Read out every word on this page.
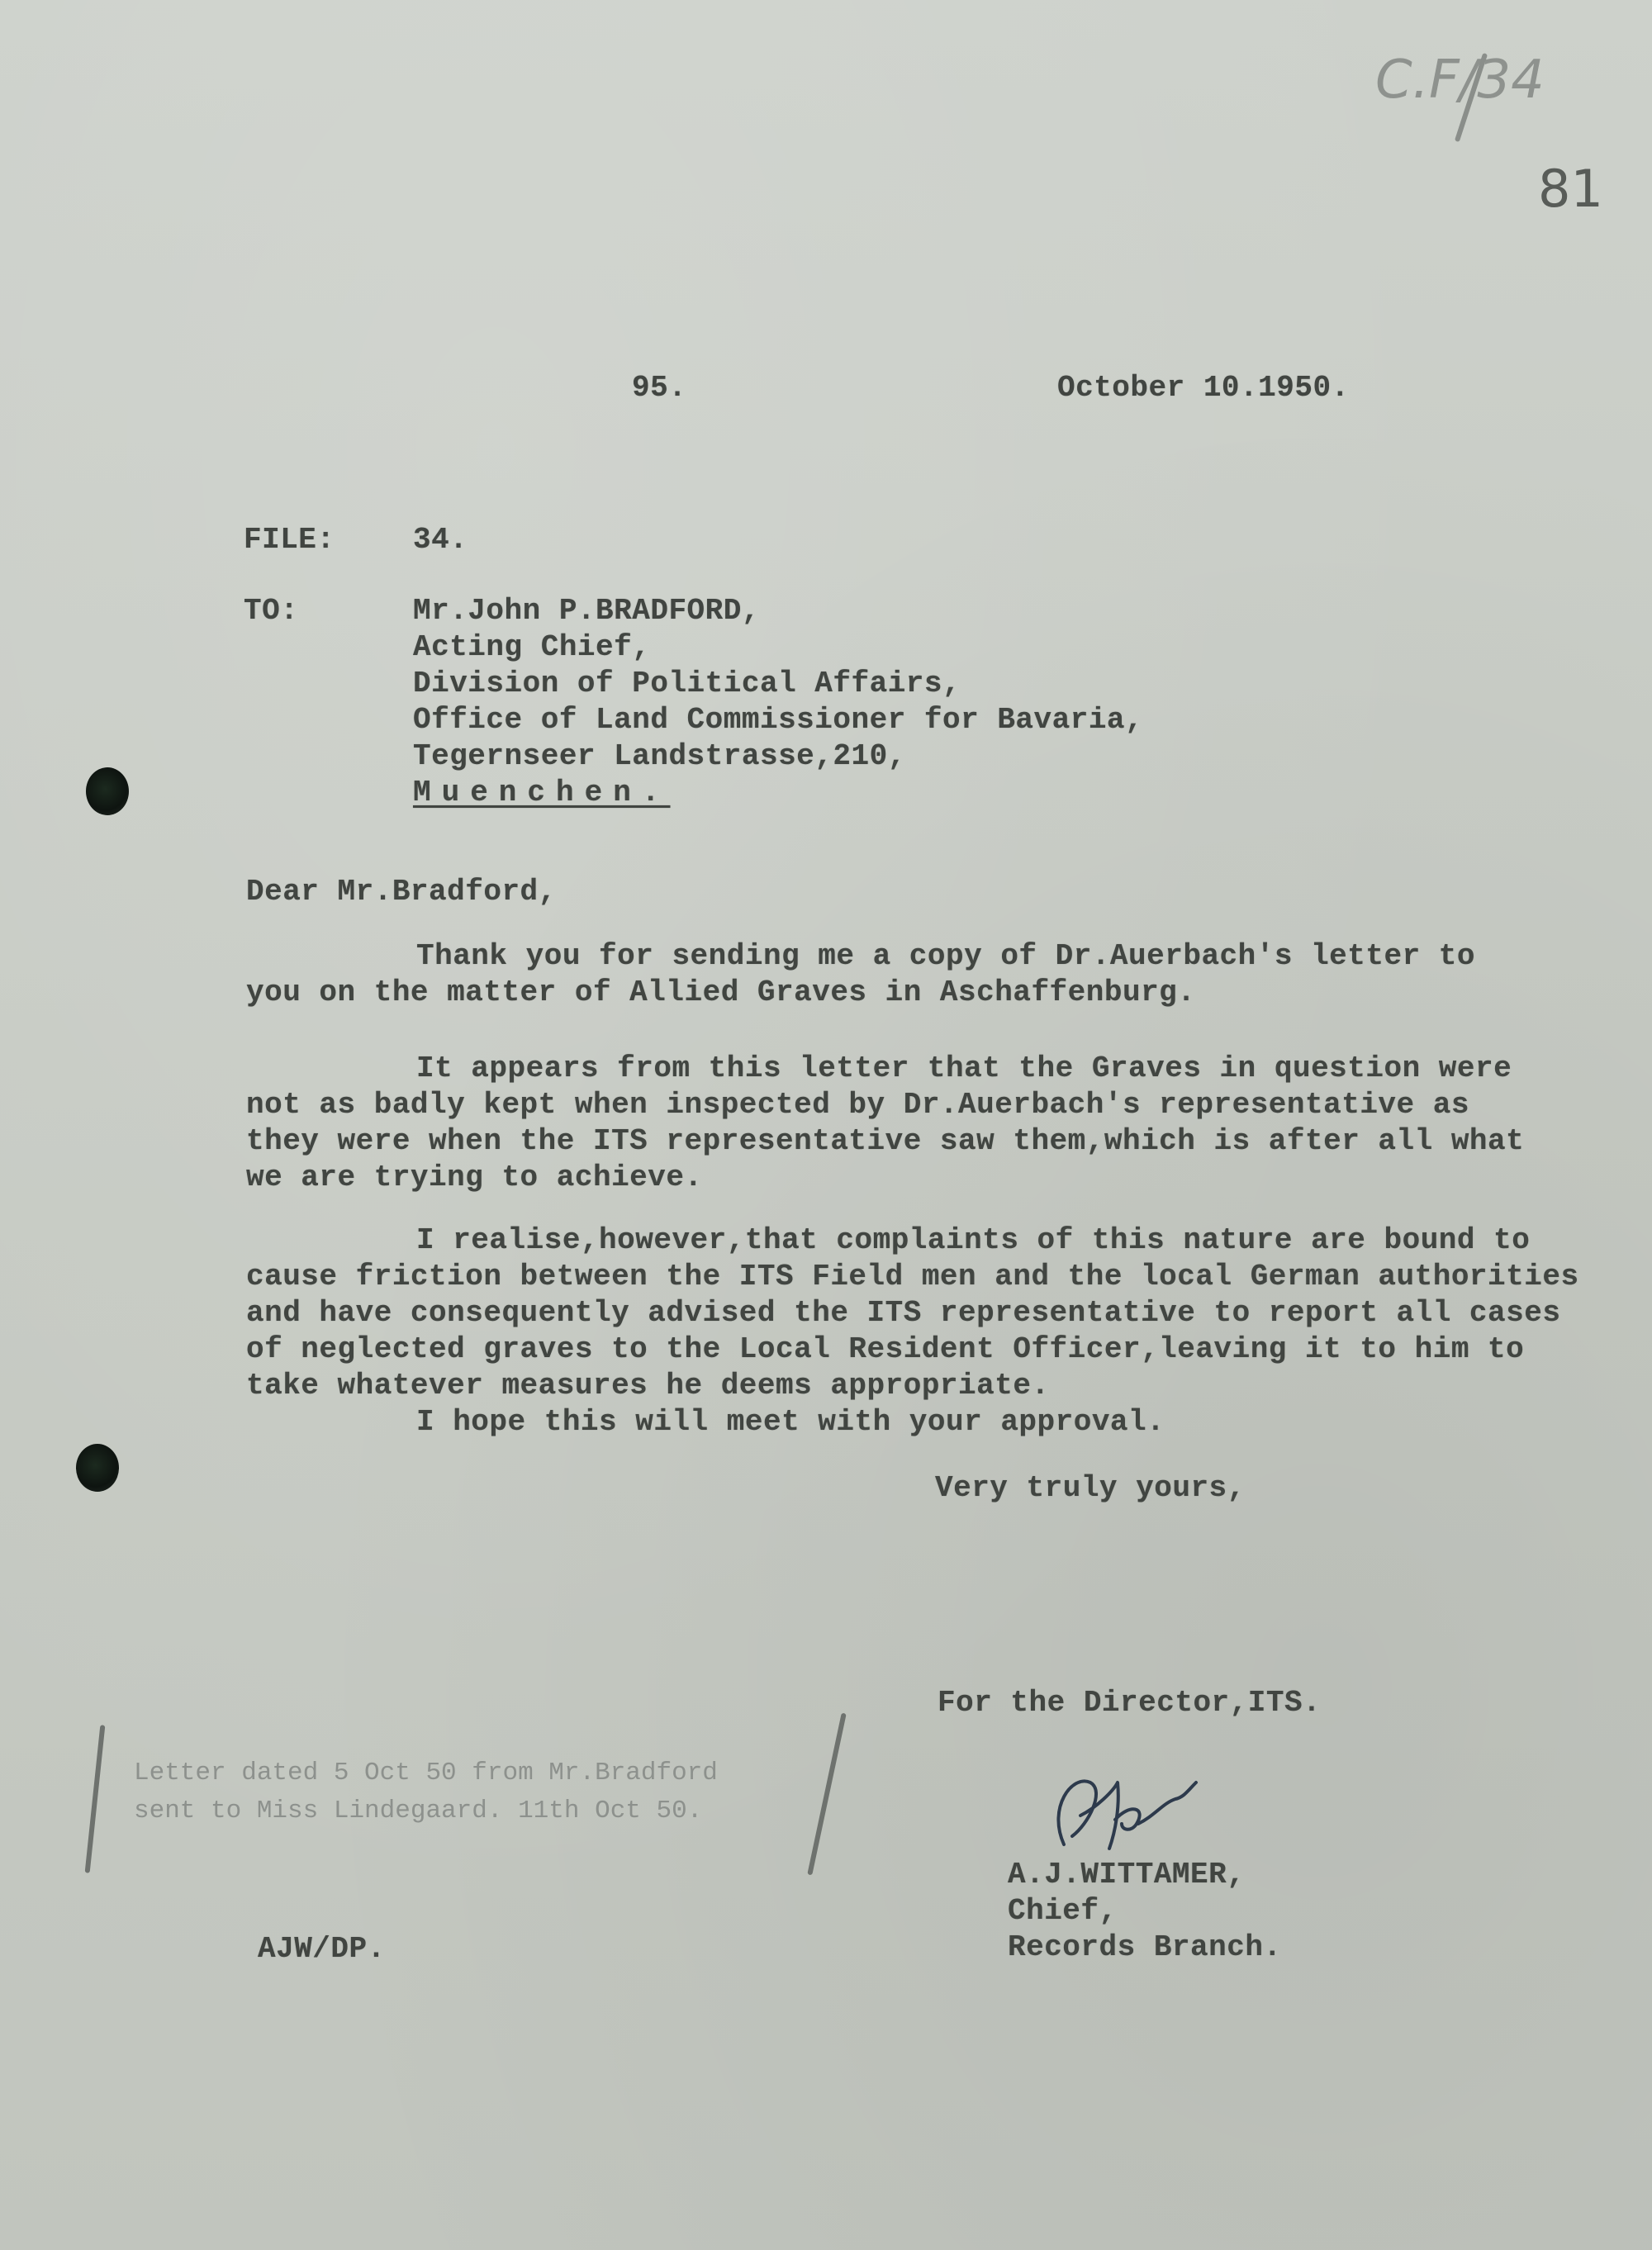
C.F/34
81
95.	October 10.1950.
FILE:	34.
TO:	Mr.John P.BRADFORD,
Acting Chief,
Division of Political Affairs,
Office of Land Commissioner for Bavaria,
Tegernseer Landstrasse,210,
Muenchen.
Dear Mr.Bradford,
Thank you for sending me a copy of Dr.Auerbach's letter to
you on the matter of Allied Graves in Aschaffenburg.
It appears from this letter that the Graves in question were
not as badly kept when inspected by Dr.Auerbach's representative as
they were when the ITS representative saw them,which is after all what
we are trying to achieve.
I realise,however,that complaints of this nature are bound to
cause friction between the ITS Field men and the local German authorities
and have consequently advised the ITS representative to report all cases
of neglected graves to the Local Resident Officer,leaving it to him to
take whatever measures he deems appropriate.
I hope this will meet with your approval.
Very truly yours,
For the Director,ITS.
A.J.WITTAMER,
Chief,
Records Branch.
Letter dated 5 Oct 50 from Mr.Bradford
sent to Miss Lindegaard. 11th Oct 50.
AJW/DP.
